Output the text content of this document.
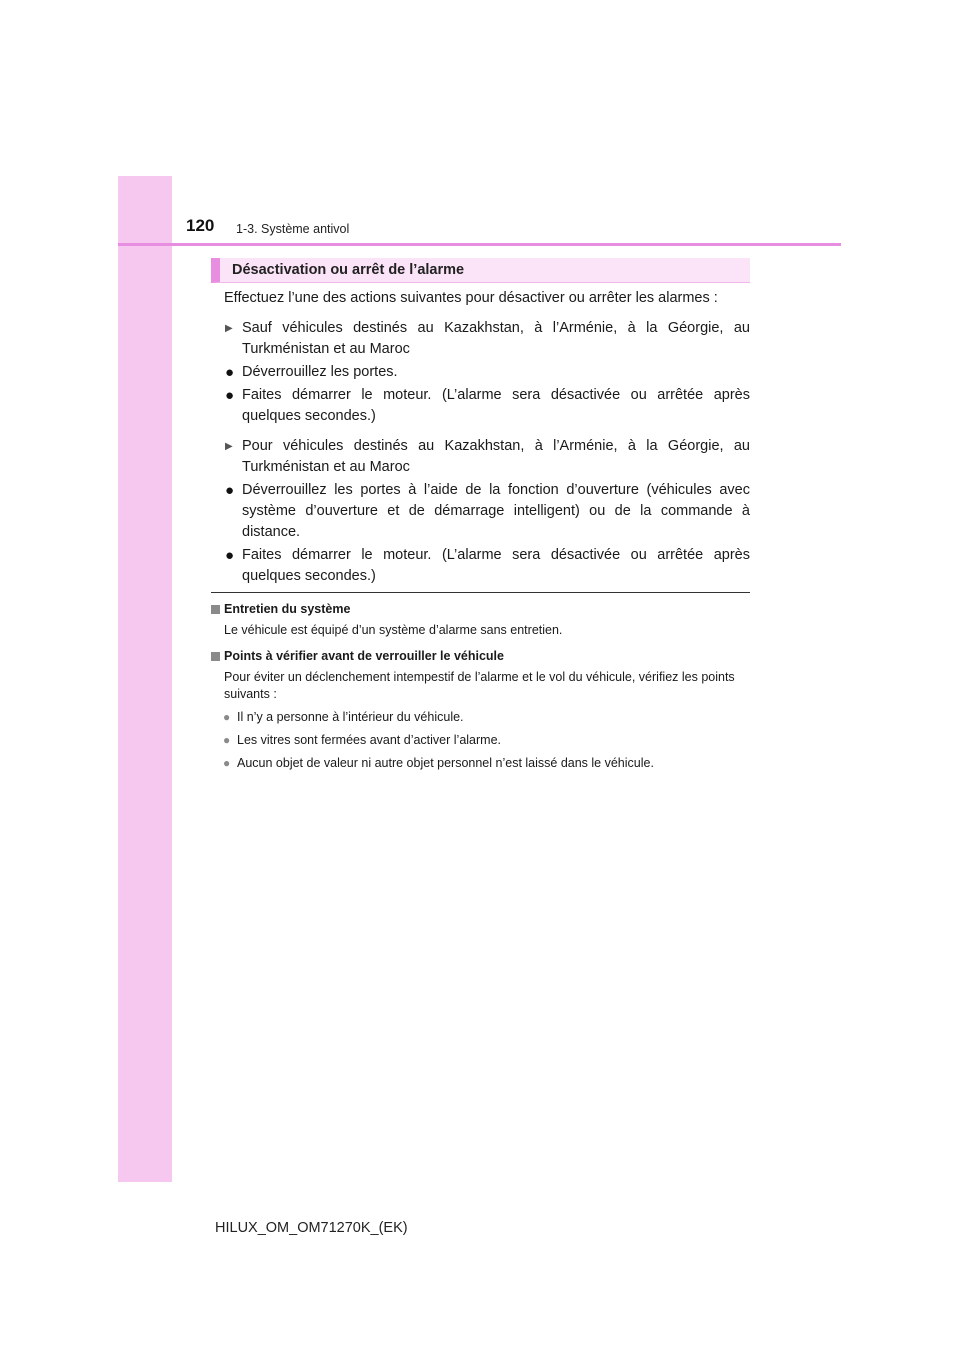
120 1-3. Système antivol
Désactivation ou arrêt de l’alarme

Effectuez l’une des actions suivantes pour désactiver ou arrêter les alarmes :

▶ Sauf véhicules destinés au Kazakhstan, à l’Arménie, à la Géorgie, au Turkménistan et au Maroc
● Déverrouillez les portes.
● Faites démarrer le moteur. (L’alarme sera désactivée ou arrêtée après quelques secondes.)
▶ Pour véhicules destinés au Kazakhstan, à l’Arménie, à la Géorgie, au Turkménistan et au Maroc
● Déverrouillez les portes à l’aide de la fonction d’ouverture (véhicules avec système d’ouverture et de démarrage intelligent) ou de la commande à distance.
● Faites démarrer le moteur. (L’alarme sera désactivée ou arrêtée après quelques secondes.)
Entretien du système
Le véhicule est équipé d’un système d’alarme sans entretien.
Points à vérifier avant de verrouiller le véhicule
Pour éviter un déclenchement intempestif de l’alarme et le vol du véhicule, vérifiez les points suivants :
● Il n’y a personne à l’intérieur du véhicule.
● Les vitres sont fermées avant d’activer l’alarme.
● Aucun objet de valeur ni autre objet personnel n’est laissé dans le véhicule.
HILUX_OM_OM71270K_(EK)
